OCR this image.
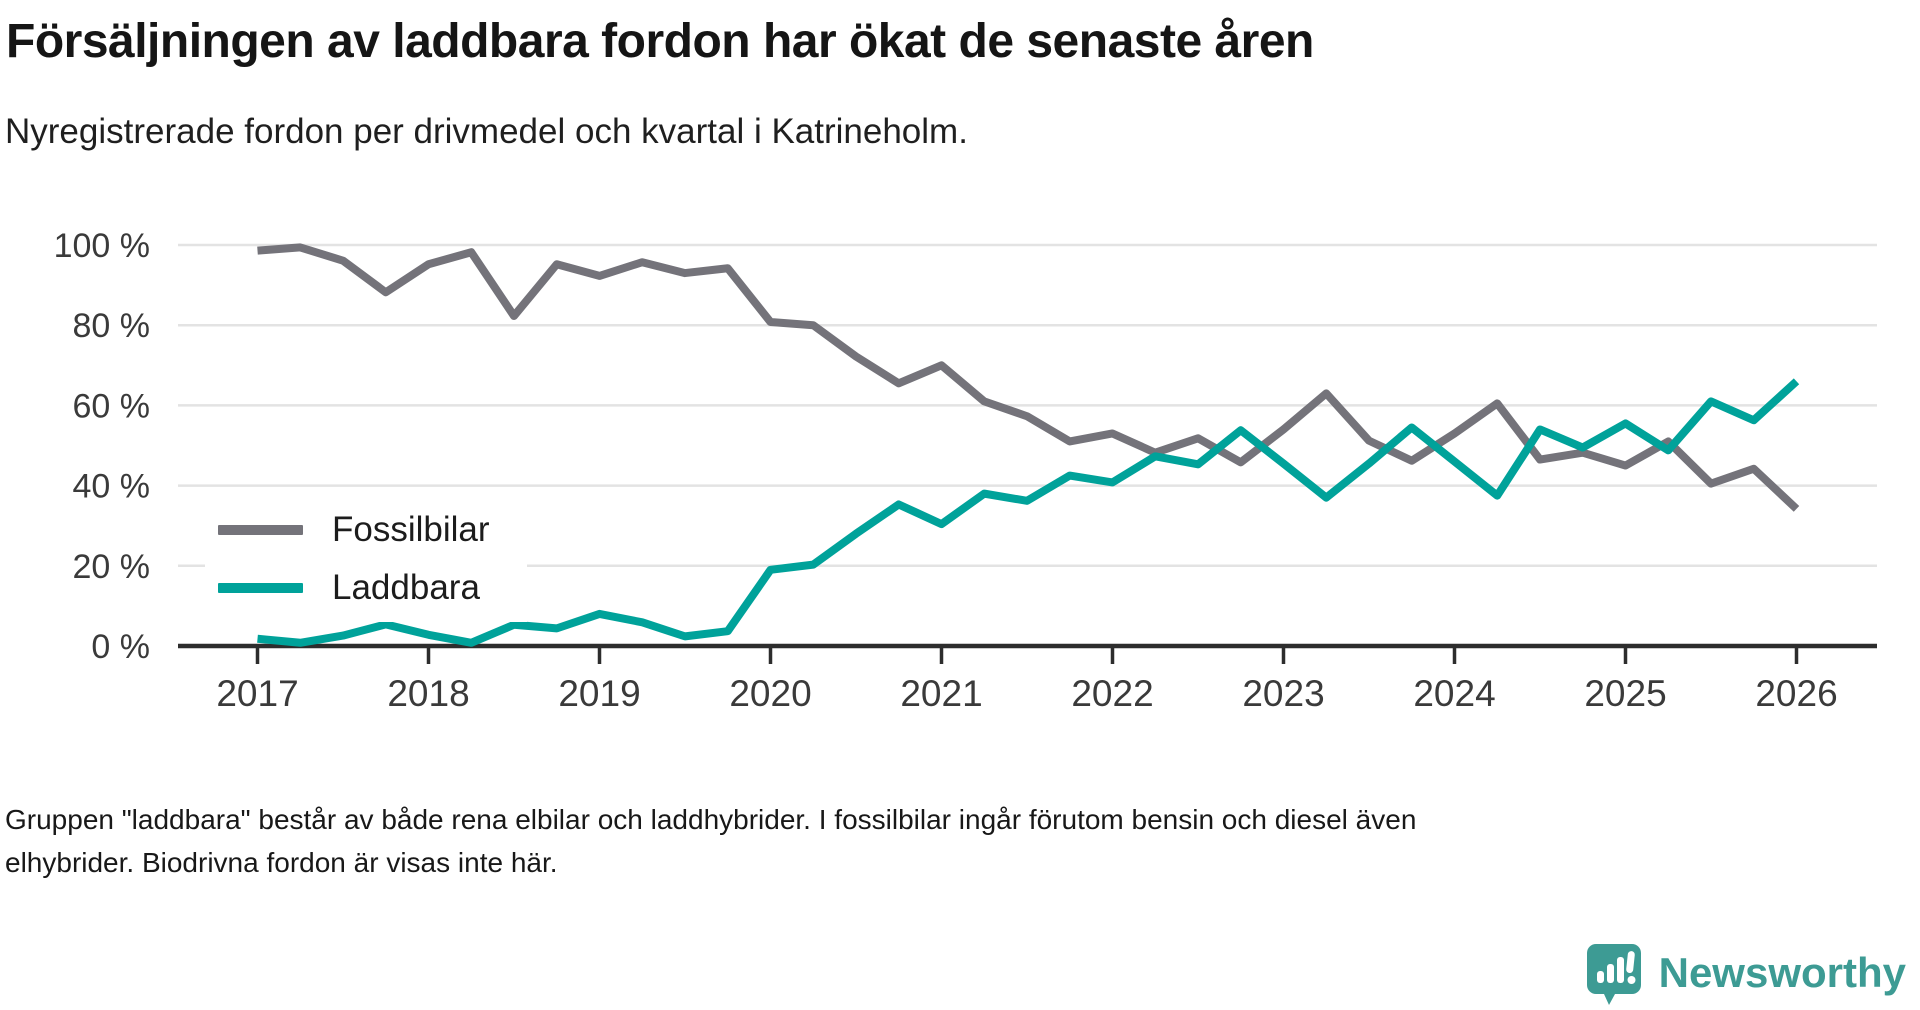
Försäljningen av laddbara fordon har ökat de senaste åren
Nyregistrerade fordon per drivmedel och kvartal i Katrineholm.
0 %
20 %
40 %
60 %
80 %
100 %
2017 2018 2019 2020 2021 2022 2023 2024 2025 2026
Fossilbilar
Laddbara
Gruppen "laddbara" består av både rena elbilar och laddhybrider. I fossilbilar ingår förutom bensin och diesel även
elhybrider. Biodrivna fordon är visas inte här.
Newsworthy
